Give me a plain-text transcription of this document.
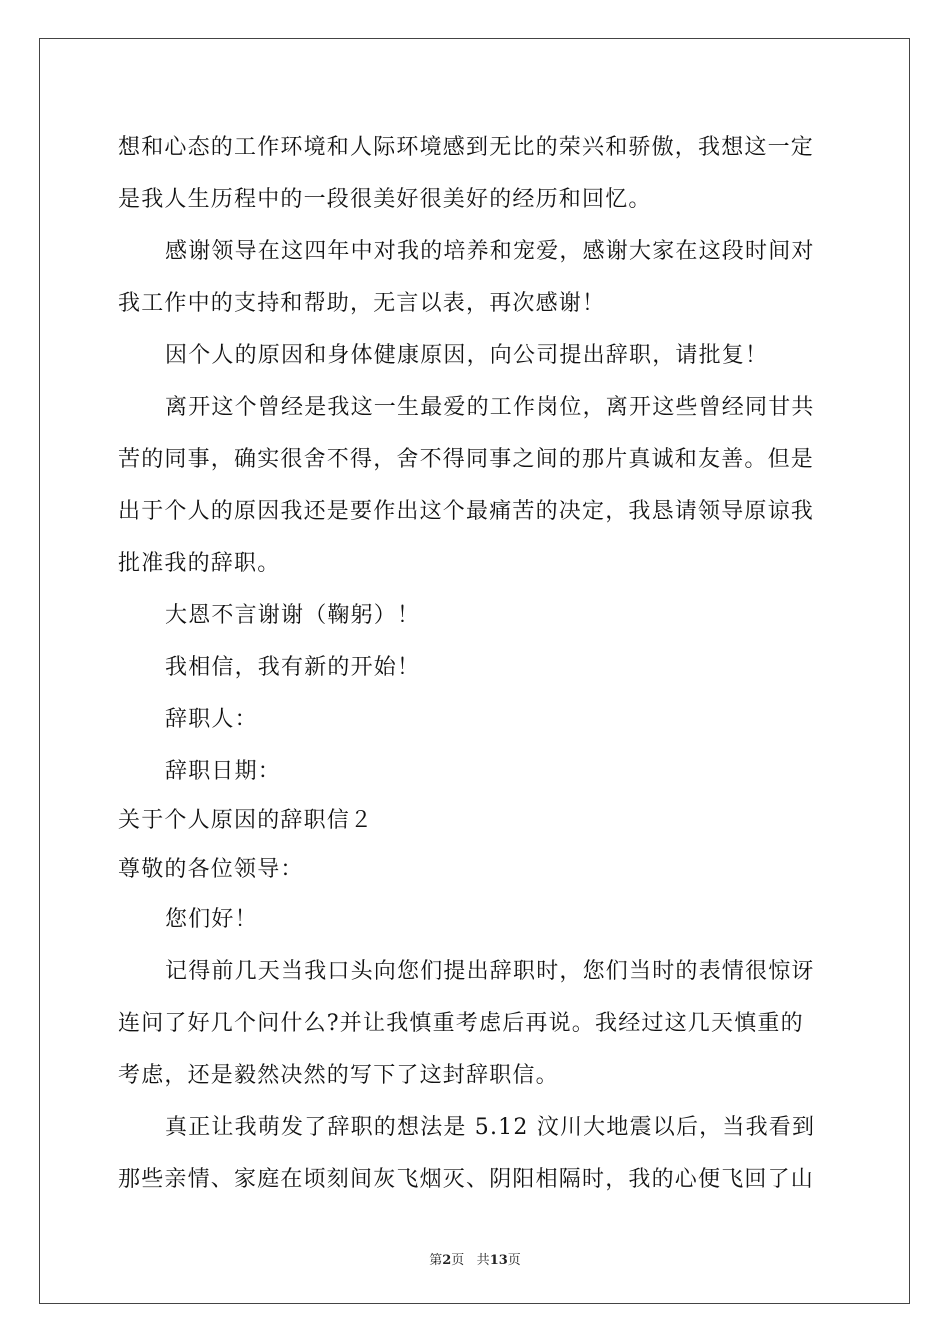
想和心态的工作环境和人际环境感到无比的荣兴和骄傲，我想这一定
是我人生历程中的一段很美好很美好的经历和回忆。
感谢领导在这四年中对我的培养和宠爱，感谢大家在这段时间对
我工作中的支持和帮助，无言以表，再次感谢！
因个人的原因和身体健康原因，向公司提出辞职，请批复！
离开这个曾经是我这一生最爱的工作岗位，离开这些曾经同甘共
苦的同事，确实很舍不得，舍不得同事之间的那片真诚和友善。但是
出于个人的原因我还是要作出这个最痛苦的决定，我恳请领导原谅我
批准我的辞职。
大恩不言谢谢（鞠躬）！
我相信，我有新的开始！
辞职人：
辞职日期：
关于个人原因的辞职信２
尊敬的各位领导：
您们好！
记得前几天当我口头向您们提出辞职时，您们当时的表情很惊讶
连问了好几个问什么?并让我慎重考虑后再说。我经过这几天慎重的
考虑，还是毅然决然的写下了这封辞职信。
真正让我萌发了辞职的想法是 5.12 汶川大地震以后，当我看到
那些亲情、家庭在顷刻间灰飞烟灭、阴阳相隔时，我的心便飞回了山
第2页 共13页
